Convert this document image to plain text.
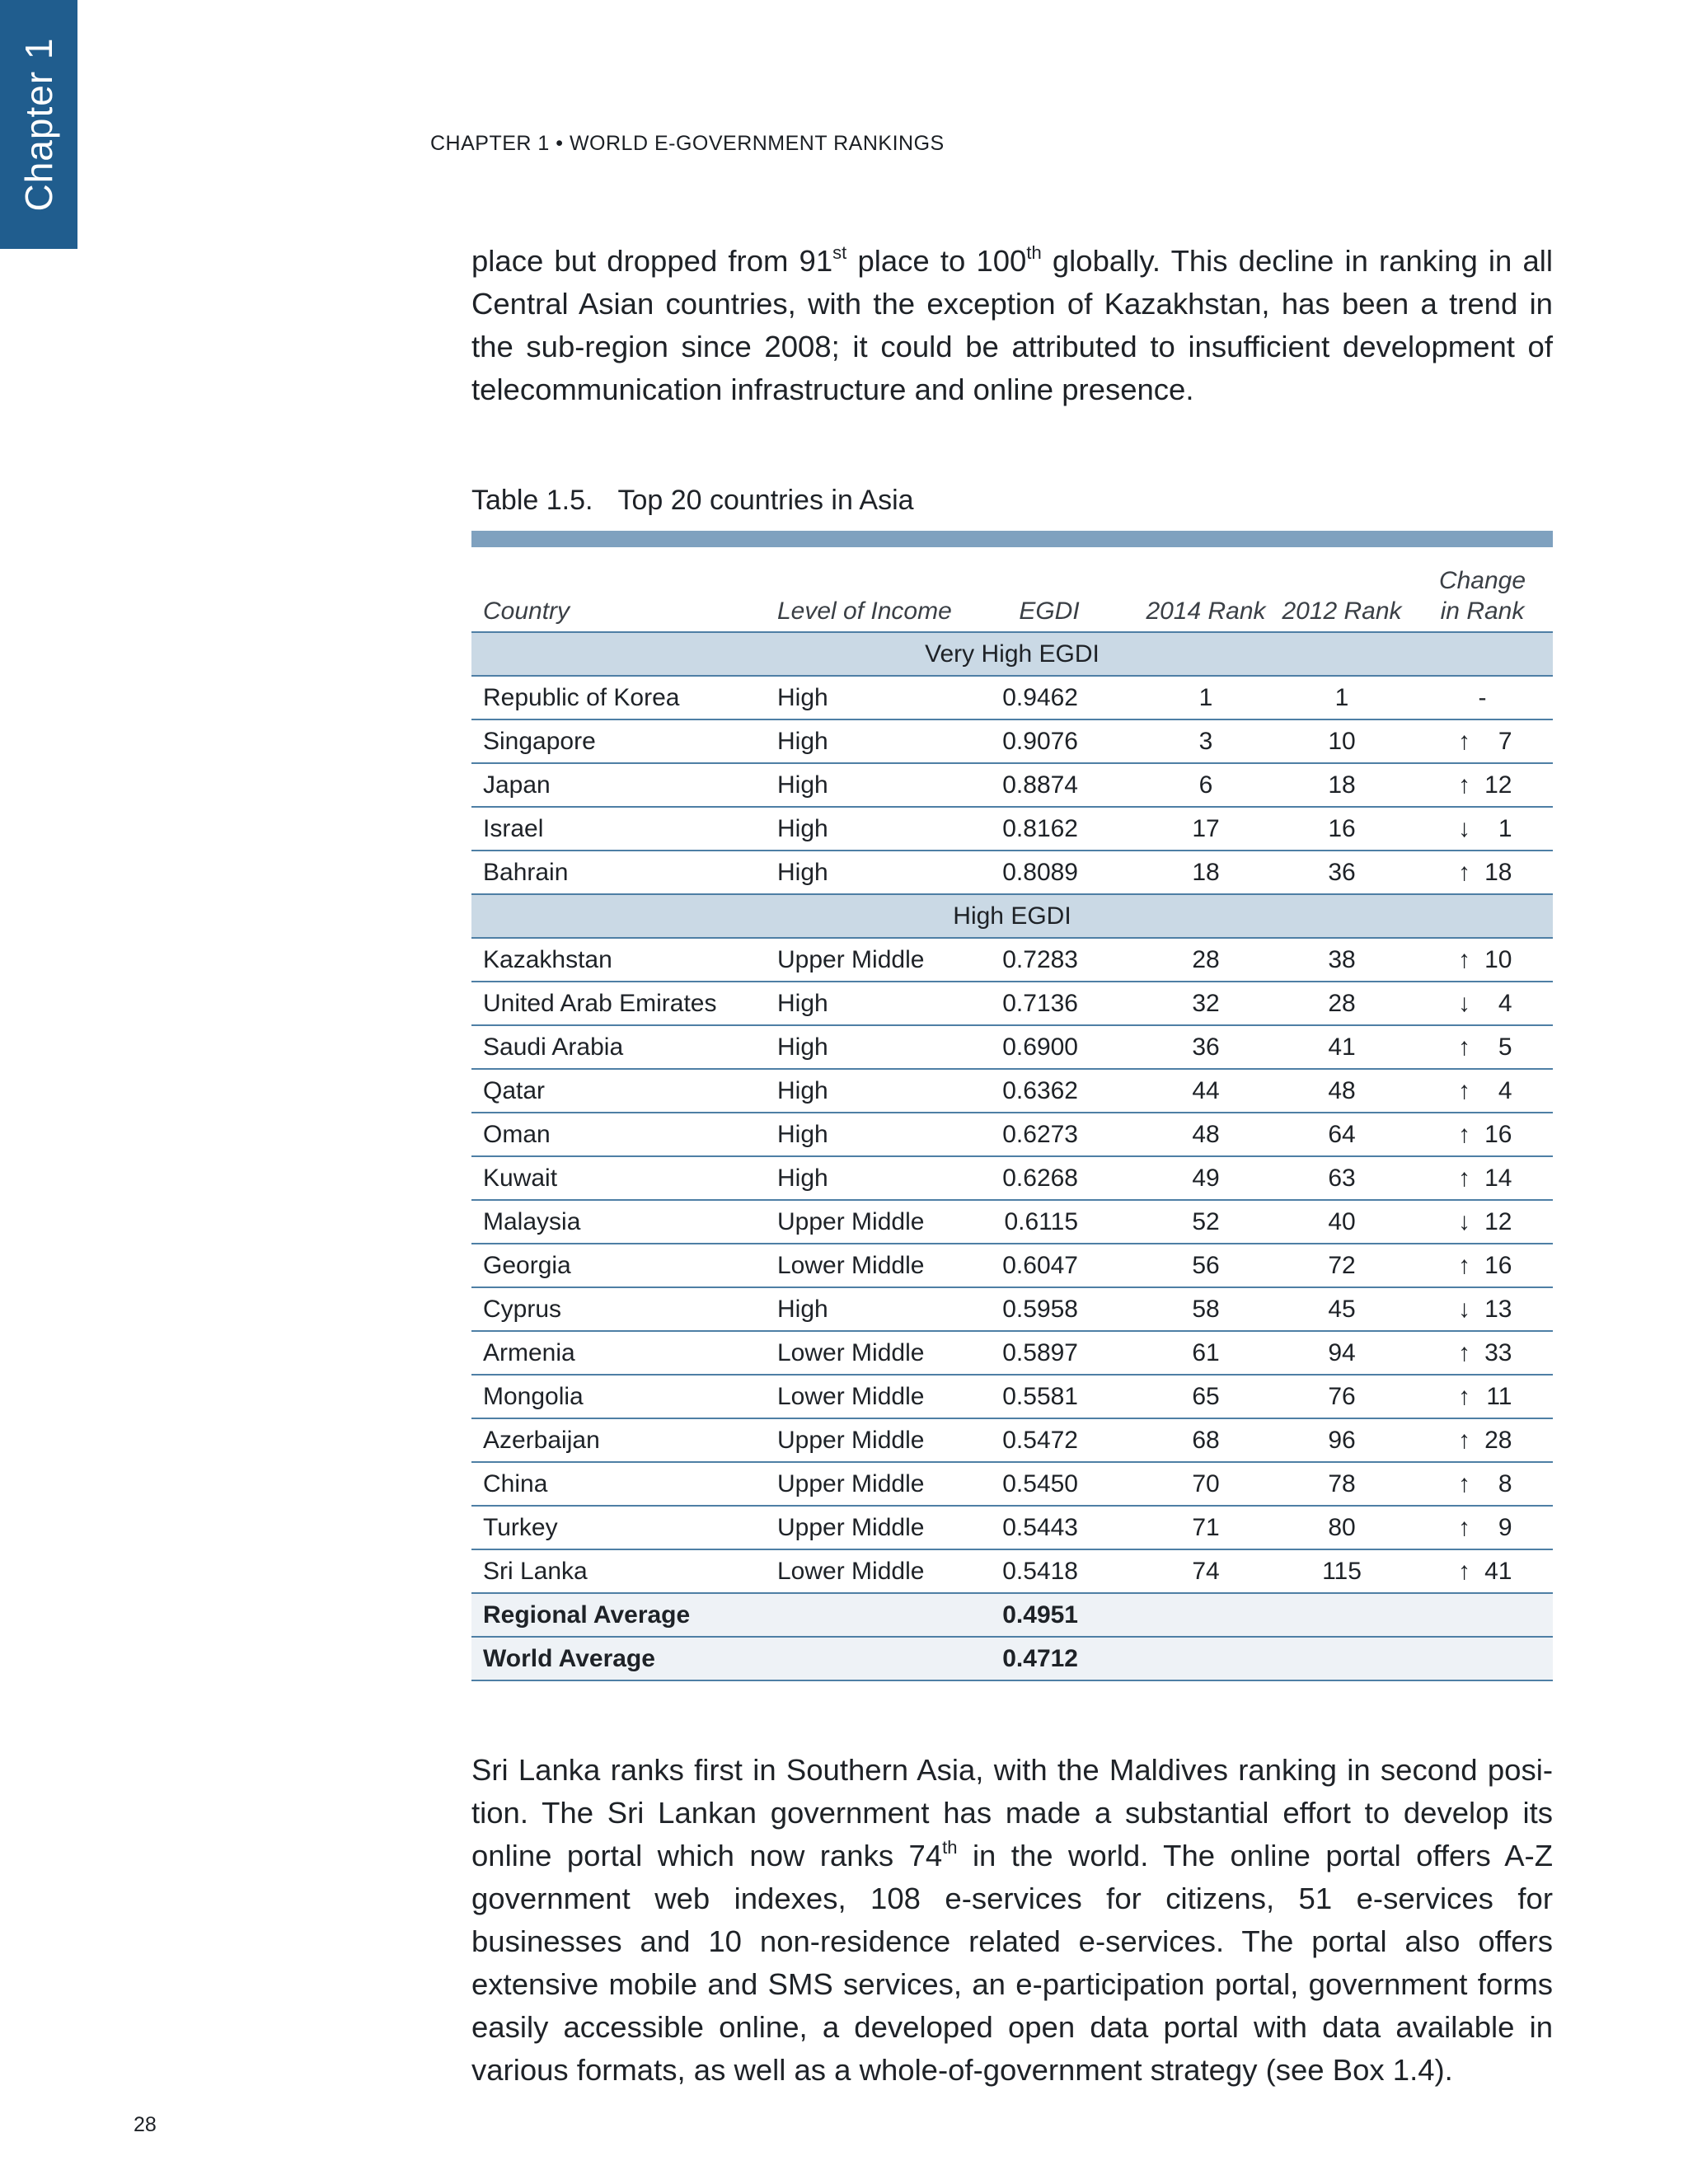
Chapter 1	CHAPTER 1 • WORLD E-GOVERNMENT RANKINGS

place but dropped from 91st place to 100th globally. This decline in ranking in all Central Asian countries, with the exception of Kazakhstan, has been a trend in the sub-region since 2008; it could be attributed to insufficient development of telecommunication infrastructure and online presence.

Table 1.5. Top 20 countries in Asia
Country	Level of Income	EGDI	2014 Rank	2012 Rank	Change
in Rank
Very High EGDI					
Republic of Korea	High	0.9462	1	1	-
Singapore	High	0.9076	3	10	↑ 7
Japan	High	0.8874	6	18	↑ 12
Israel	High	0.8162	17	16	↓ 1
Bahrain	High	0.8089	18	36	↑ 18
High EGDI					
Kazakhstan	Upper Middle	0.7283	28	38	↑ 10
United Arab Emirates	High	0.7136	32	28	↓ 4
Saudi Arabia	High	0.6900	36	41	↑ 5
Qatar	High	0.6362	44	48	↑ 4
Oman	High	0.6273	48	64	↑ 16
Kuwait	High	0.6268	49	63	↑ 14
Malaysia	Upper Middle	0.6115	52	40	↓ 12
Georgia	Lower Middle	0.6047	56	72	↑ 16
Cyprus	High	0.5958	58	45	↓ 13
Armenia	Lower Middle	0.5897	61	94	↑ 33
Mongolia	Lower Middle	0.5581	65	76	↑ 11
Azerbaijan	Upper Middle	0.5472	68	96	↑ 28
China	Upper Middle	0.5450	70	78	↑ 8
Turkey	Upper Middle	0.5443	71	80	↑ 9
Sri Lanka	Lower Middle	0.5418	74	115	↑ 41
Regional Average		0.4951			
World Average		0.4712			

Sri Lanka ranks first in Southern Asia, with the Maldives ranking in second position. The Sri Lankan government has made a substantial effort to develop its online portal which now ranks 74th in the world. The online portal offers A-Z government web indexes, 108 e-services for citizens, 51 e-services for businesses and 10 non-residence related e-services. The portal also offers extensive mobile and SMS services, an e-participation portal, government forms easily accessible online, a developed open data portal with data available in various formats, as well as a whole-of-government strategy (see Box 1.4).

28
